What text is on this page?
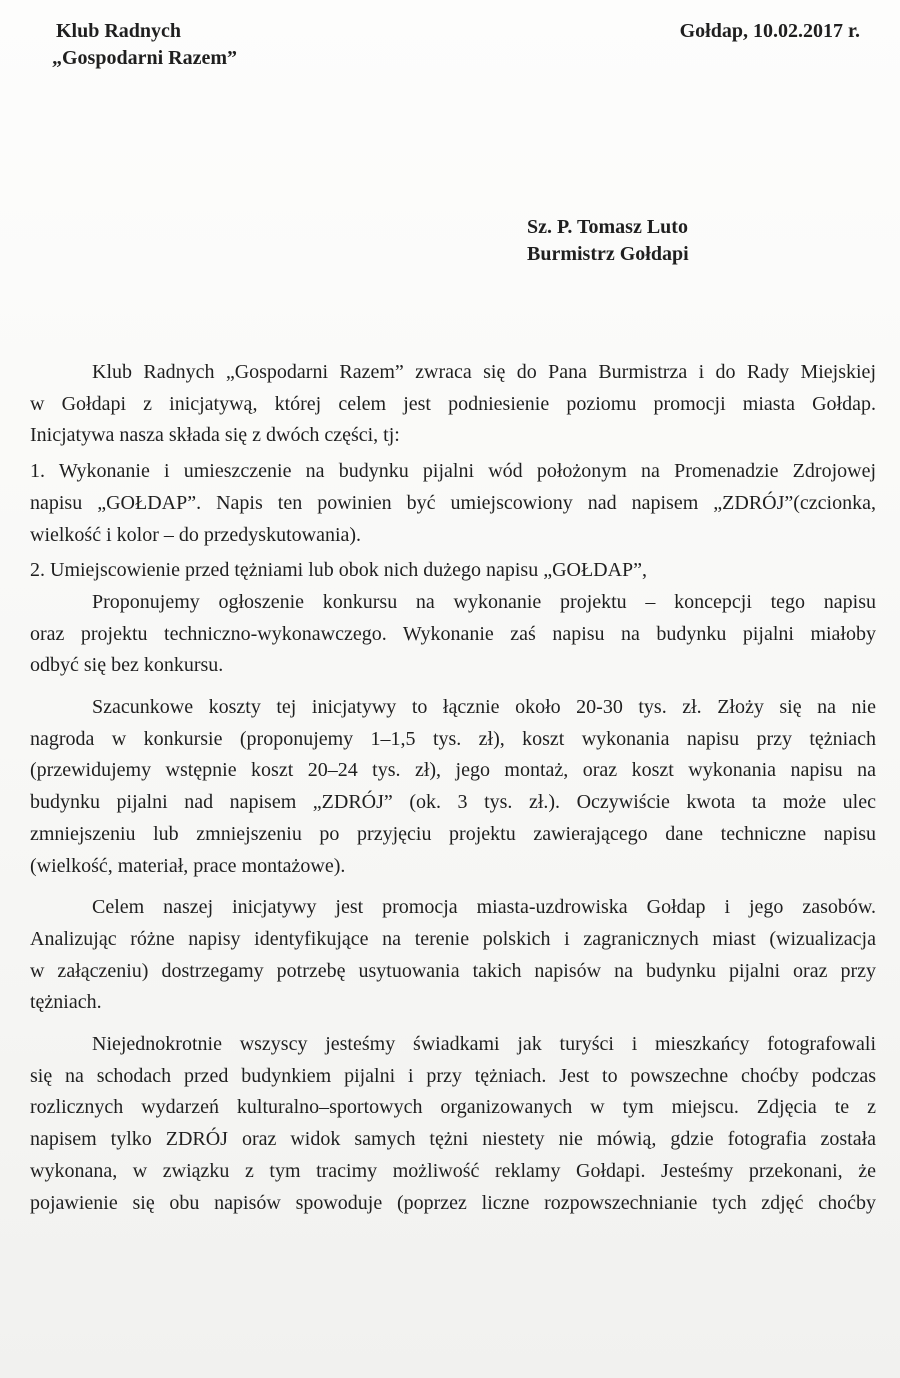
Klub Radnych
„Gospodarni Razem”
Gołdap, 10.02.2017 r.
Sz. P. Tomasz Luto
Burmistrz Gołdapi
Klub Radnych „Gospodarni Razem” zwraca się do Pana Burmistrza i do Rady Miejskiej
w Gołdapi z inicjatywą, której celem jest podniesienie poziomu promocji miasta Gołdap.
Inicjatywa nasza składa się z dwóch części, tj:
1. Wykonanie i umieszczenie na budynku pijalni wód położonym na Promenadzie Zdrojowej
napisu „GOŁDAP”. Napis ten powinien być umiejscowiony nad napisem „ZDRÓJ”(czcionka,
wielkość i kolor – do przedyskutowania).
2. Umiejscowienie przed tężniami lub obok nich dużego napisu „GOŁDAP”,
Proponujemy ogłoszenie konkursu na wykonanie projektu – koncepcji tego napisu
oraz projektu techniczno-wykonawczego. Wykonanie zaś napisu na budynku pijalni miałoby
odbyć się bez konkursu.
Szacunkowe koszty tej inicjatywy to łącznie około 20-30 tys. zł. Złoży się na nie
nagroda w konkursie (proponujemy 1–1,5 tys. zł), koszt wykonania napisu przy tężniach
(przewidujemy wstępnie koszt 20–24 tys. zł), jego montaż, oraz koszt wykonania napisu na
budynku pijalni nad napisem „ZDRÓJ” (ok. 3 tys. zł.). Oczywiście kwota ta może ulec
zmniejszeniu lub zmniejszeniu po przyjęciu projektu zawierającego dane techniczne napisu
(wielkość, materiał, prace montażowe).
Celem naszej inicjatywy jest promocja miasta-uzdrowiska Gołdap i jego zasobów.
Analizując różne napisy identyfikujące na terenie polskich i zagranicznych miast (wizualizacja
w załączeniu) dostrzegamy potrzebę usytuowania takich napisów na budynku pijalni oraz przy
tężniach.
Niejednokrotnie wszyscy jesteśmy świadkami jak turyści i mieszkańcy fotografowali
się na schodach przed budynkiem pijalni i przy tężniach. Jest to powszechne choćby podczas
rozlicznych wydarzeń kulturalno–sportowych organizowanych w tym miejscu. Zdjęcia te z
napisem tylko ZDRÓJ oraz widok samych tężni niestety nie mówią, gdzie fotografia została
wykonana, w związku z tym tracimy możliwość reklamy Gołdapi. Jesteśmy przekonani, że
pojawienie się obu napisów spowoduje (poprzez liczne rozpowszechnianie tych zdjęć choćby
